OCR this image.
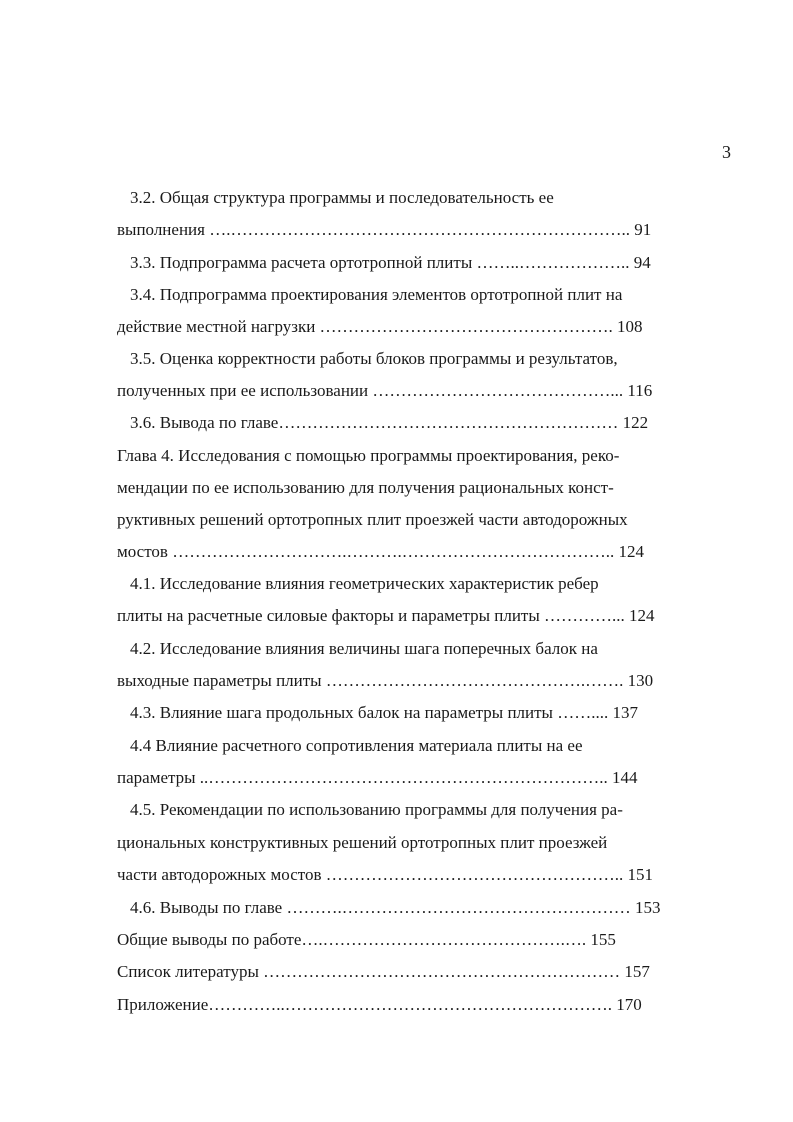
3
3.2. Общая структура программы и последовательность ее
выполнения ….…………………………………………………………….. 91
3.3. Подпрограмма расчета ортотропной плиты ……..……………….. 94
3.4. Подпрограмма проектирования элементов ортотропной плит на
действие местной нагрузки ……………………………………………. 108
3.5. Оценка корректности работы блоков программы и результатов,
полученных при ее использовании ……………………………………... 116
3.6. Вывода по главе…………………………………………………… 122
Глава 4. Исследования с помощью программы проектирования, реко-
мендации по ее использованию для получения рациональных конст-
руктивных решений ортотропных плит проезжей части автодорожных
мостов ………………………….……….……………………………….. 124
4.1. Исследование влияния геометрических характеристик ребер
плиты на расчетные силовые факторы и параметры плиты …………... 124
4.2. Исследование влияния величины шага поперечных балок на
выходные параметры плиты ……………………………………….……. 130
4.3. Влияние шага продольных балок на параметры плиты …….... 137
4.4 Влияние расчетного сопротивления материала плиты на ее
параметры ..…………………………………………………………….. 144
4.5. Рекомендации по использованию программы для получения ра-
циональных конструктивных решений ортотропных плит проезжей
части автодорожных мостов …………………………………………….. 151
4.6. Выводы по главе ……….…………………………………………… 153
Общие выводы по работе….…………………………………….…. 155
Список литературы ……………………………………………………… 157
Приложение…………..…………………………………………………. 170
